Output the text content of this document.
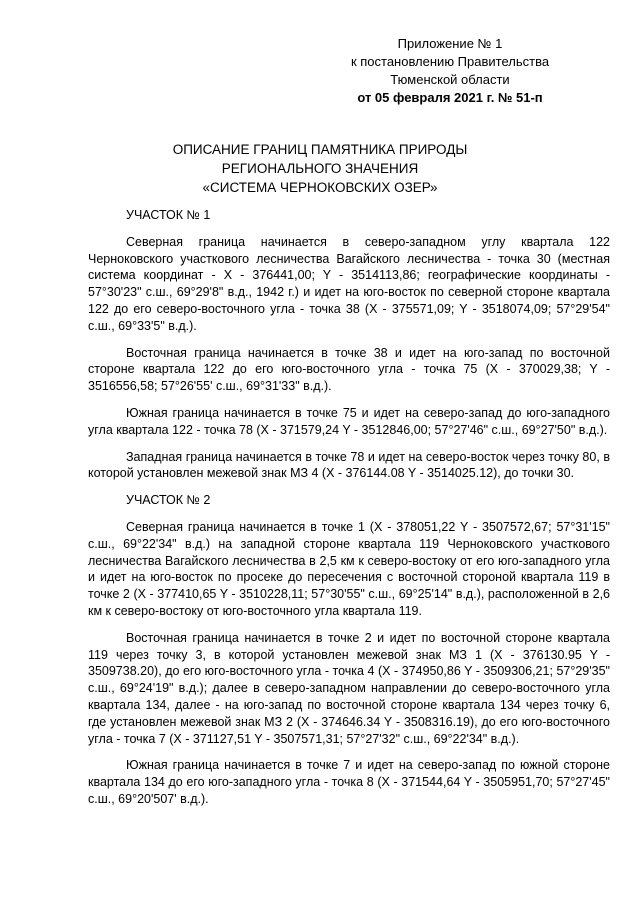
Приложение № 1
к постановлению Правительства
Тюменской области
от 05 февраля 2021 г. № 51-п
ОПИСАНИЕ ГРАНИЦ ПАМЯТНИКА ПРИРОДЫ
РЕГИОНАЛЬНОГО ЗНАЧЕНИЯ
«СИСТЕМА ЧЕРНОКОВСКИХ ОЗЕР»
УЧАСТОК № 1

Северная граница начинается в северо-западном углу квартала 122 Черноковского участкового лесничества Вагайского лесничества - точка 30 (местная система координат - X - 376441,00; Y - 3514113,86; географические координаты - 57°30'23" с.ш., 69°29'8" в.д., 1942 г.) и идет на юго-восток по северной стороне квартала 122 до его северо-восточного угла - точка 38 (X - 375571,09; Y - 3518074,09; 57°29'54" с.ш., 69°33'5" в.д.).

Восточная граница начинается в точке 38 и идет на юго-запад по восточной стороне квартала 122 до его юго-восточного угла - точка 75 (X - 370029,38; Y - 3516556,58; 57°26'55' с.ш., 69°31'33" в.д.).

Южная граница начинается в точке 75 и идет на северо-запад до юго-западного угла квартала 122 - точка 78 (X - 371579,24 Y - 3512846,00; 57°27'46" с.ш., 69°27'50" в.д.).

Западная граница начинается в точке 78 и идет на северо-восток через точку 80, в которой установлен межевой знак МЗ 4 (X - 376144.08 Y - 3514025.12), до точки 30.

УЧАСТОК № 2

Северная граница начинается в точке 1 (X - 378051,22 Y - 3507572,67; 57°31'15" с.ш., 69°22'34" в.д.) на западной стороне квартала 119 Черноковского участкового лесничества Вагайского лесничества в 2,5 км к северо-востоку от его юго-западного угла и идет на юго-восток по просеке до пересечения с восточной стороной квартала 119 в точке 2 (X - 377410,65 Y - 3510228,11; 57°30'55" с.ш., 69°25'14" в.д.), расположенной в 2,6 км к северо-востоку от юго-восточного угла квартала 119.

Восточная граница начинается в точке 2 и идет по восточной стороне квартала 119 через точку 3, в которой установлен межевой знак МЗ 1 (X - 376130.95 Y - 3509738.20), до его юго-восточного угла - точка 4 (X - 374950,86 Y - 3509306,21; 57°29'35" с.ш., 69°24'19" в.д.); далее в северо-западном направлении до северо-восточного угла квартала 134, далее - на юго-запад по восточной стороне квартала 134 через точку 6, где установлен межевой знак МЗ 2 (X - 374646.34 Y - 3508316.19), до его юго-восточного угла - точка 7 (X - 371127,51 Y - 3507571,31; 57°27'32" с.ш., 69°22'34" в.д.).

Южная граница начинается в точке 7 и идет на северо-запад по южной стороне квартала 134 до его юго-западного угла - точка 8 (X - 371544,64 Y - 3505951,70; 57°27'45" с.ш., 69°20'507' в.д.).
